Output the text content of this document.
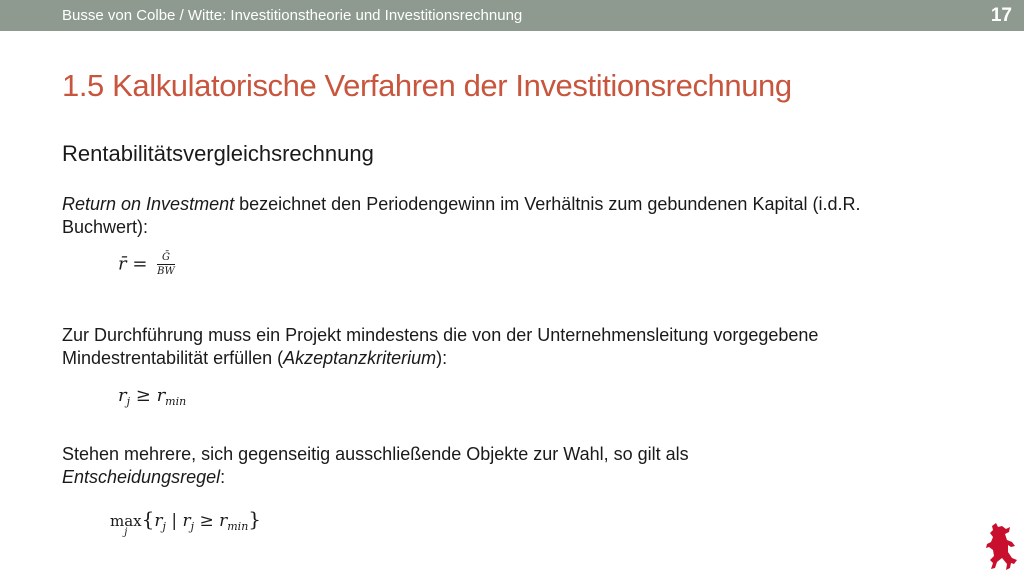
Busse von Colbe / Witte: Investitionstheorie und Investitionsrechnung	17
1.5 Kalkulatorische Verfahren der Investitionsrechnung
Rentabilitätsvergleichsrechnung
Return on Investment bezeichnet den Periodengewinn im Verhältnis zum gebundenen Kapital (i.d.R. Buchwert):
r̄ = $\frac{\text{Ḡ}}{BW}$
Zur Durchführung muss ein Projekt mindestens die von der Unternehmensleitung vorgegebene Mindestrentabilität erfüllen (Akzeptanzkriterium):
$r_j \ge r_{min}$
Stehen mehrere, sich gegenseitig ausschließende Objekte zur Wahl, so gilt als
Entscheidungsregel:
max
j
{$r_j$ | $r_j \ge r_{min}$}
